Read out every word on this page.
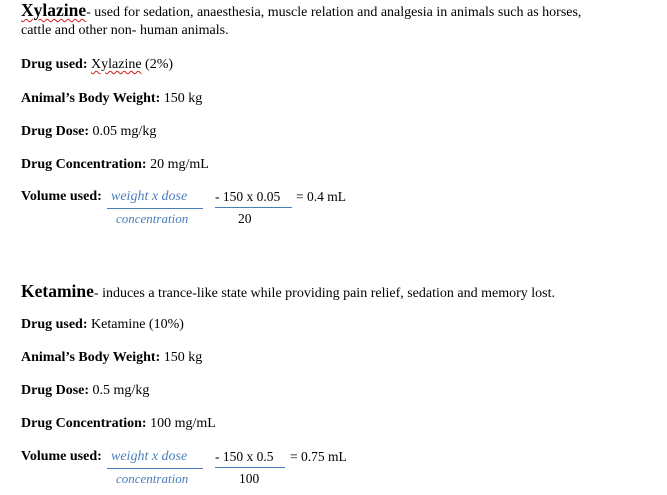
Xylazine- used for sedation, anaesthesia, muscle relation and analgesia in animals such as horses,
cattle and other non- human animals.
Drug used: Xylazine (2%)
Animal’s Body Weight: 150 kg
Drug Dose: 0.05 mg/kg
Drug Concentration: 20 mg/mL
Volume used: weight x dose
concentration
- 150 x 0.05 = 0.4 mL
20
Ketamine- induces a trance-like state while providing pain relief, sedation and memory lost.
Drug used: Ketamine (10%)
Animal’s Body Weight: 150 kg
Drug Dose: 0.5 mg/kg
Drug Concentration: 100 mg/mL
Volume used: weight x dose
concentration
- 150 x 0.5 = 0.75 mL
100
